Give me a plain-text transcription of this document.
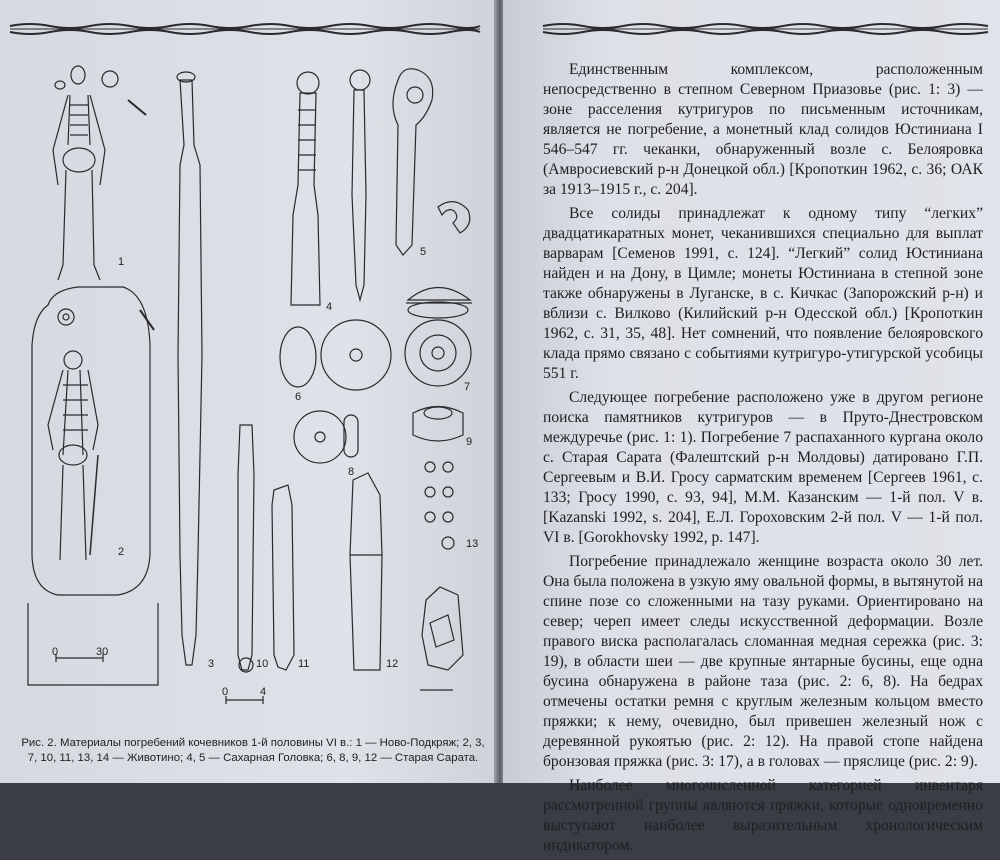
1
2
3
4
5
6
7
8
9
10	11	12
13
0	30
0	4

Рис. 2. Материалы погребений кочевников 1-й половины VI в.: 1 — Ново-Подкряж; 2, 3, 7, 10, 11, 13, 14 — Животино; 4, 5 — Сахарная Головка; 6, 8, 9, 12 — Старая Сарата.

Единственным комплексом, расположенным непосредственно в степном Северном Приазовье (рис. 1: 3) — зоне расселения кутригуров по письменным источникам, является не погребение, а монетный клад солидов Юстиниана I 546–547 гг. чеканки, обнаруженный возле с. Белояровка (Амвросиевский р-н Донецкой обл.) [Кропоткин 1962, с. 36; ОАК за 1913–1915 г., с. 204].

Все солиды принадлежат к одному типу “легких” двадцатикаратных монет, чеканившихся специально для выплат варварам [Семенов 1991, с. 124]. “Легкий” солид Юстиниана найден и на Дону, в Цимле; монеты Юстиниана в степной зоне также обнаружены в Луганске, в с. Кичкас (Запорожский р-н) и вблизи с. Вилково (Килийский р-н Одесской обл.) [Кропоткин 1962, с. 31, 35, 48]. Нет сомнений, что появление белояровского клада прямо связано с событиями кутригуро-утигурской усобицы 551 г.

Следующее погребение расположено уже в другом регионе поиска памятников кутригуров — в Пруто-Днестровском междуречье (рис. 1: 1). Погребение 7 распаханного кургана около с. Старая Сарата (Фалештский р-н Молдовы) датировано Г.П. Сергеевым и В.И. Гросу сарматским временем [Сергеев 1961, с. 133; Гросу 1990, с. 93, 94], М.М. Казанским — 1-й пол. V в. [Kazanski 1992, s. 204], Е.Л. Гороховским 2-й пол. V — 1-й пол. VI в. [Gorokhovsky 1992, p. 147].

Погребение принадлежало женщине возраста около 30 лет. Она была положена в узкую яму овальной формы, в вытянутой на спине позе со сложенными на тазу руками. Ориентировано на север; череп имеет следы искусственной деформации. Возле правого виска располагалась сломанная медная сережка (рис. 3: 19), в области шеи — две крупные янтарные бусины, еще одна бусина обнаружена в районе таза (рис. 2: 6, 8). На бедрах отмечены остатки ремня с круглым железным кольцом вместо пряжки; к нему, очевидно, был привешен железный нож с деревянной рукоятью (рис. 2: 12). На правой стопе найдена бронзовая пряжка (рис. 3: 17), а в головах — пряслице (рис. 2: 9).

Наиболее многочисленной категорией инвентаря рассмотренной группы являются пряжки, которые одновременно выступают наиболее выразительным хронологическим индикатором.
